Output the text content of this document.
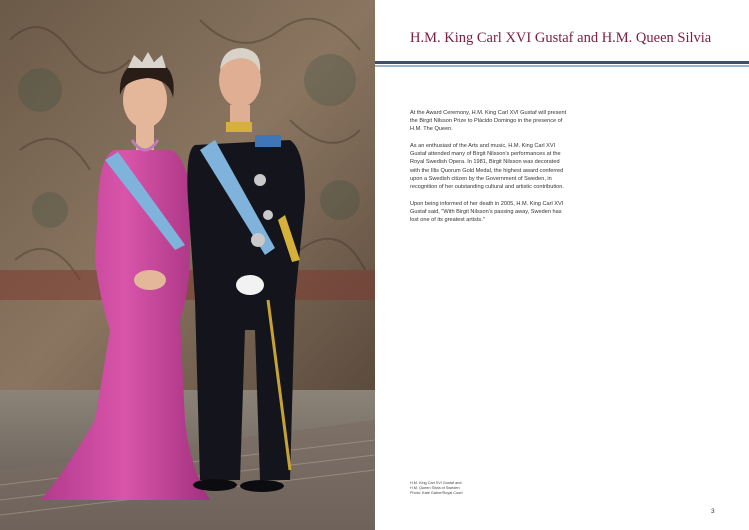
H.M. King Carl XVI Gustaf and H.M. Queen Silvia

At the Award Ceremony, H.M. King Carl XVI Gustaf will present the Birgit Nilsson Prize to Plácido Domingo in the presence of H.M. The Queen.

As an enthusiast of the Arts and music, H.M. King Carl XVI Gustaf attended many of Birgit Nilsson's performances at the Royal Swedish Opera. In 1981, Birgit Nilsson was decorated with the Illis Quorum Gold Medal, the highest award conferred upon a Swedish citizen by the Government of Sweden, in recognition of her outstanding cultural and artistic contribution.

Upon being informed of her death in 2005, H.M. King Carl XVI Gustaf said, "With Birgit Nilsson's passing away, Sweden has lost one of its greatest artists."

H.M. King Carl XVI Gustaf and
H.M. Queen Silvia of Sweden
Photo: Kate Gabor/Royal Court
3
